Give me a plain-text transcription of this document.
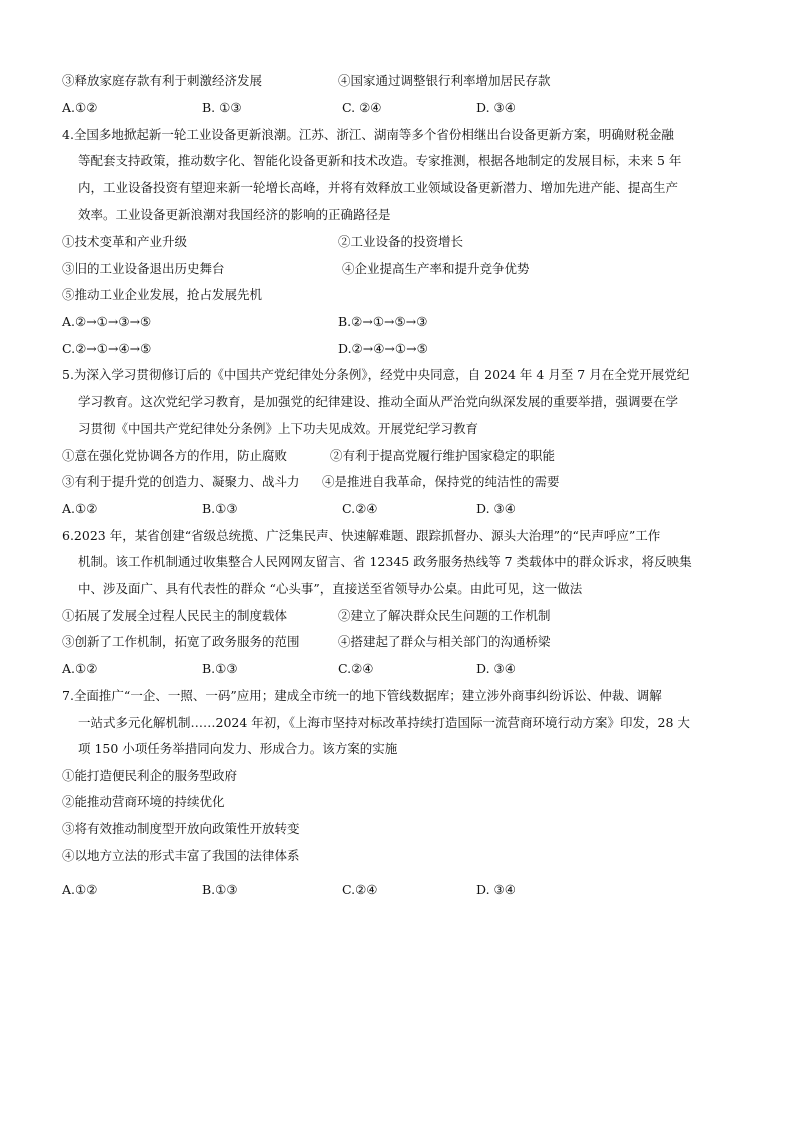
③释放家庭存款有利于刺激经济发展	④国家通过调整银行利率增加居民存款
A.①②	B. ①③	C. ②④	D. ③④
4.全国多地掀起新一轮工业设备更新浪潮。江苏、浙江、湖南等多个省份相继出台设备更新方案，明确财税金融
等配套支持政策，推动数字化、智能化设备更新和技术改造。专家推测，根据各地制定的发展目标，未来 5 年
内，工业设备投资有望迎来新一轮增长高峰，并将有效释放工业领域设备更新潜力、增加先进产能、提高生产
效率。工业设备更新浪潮对我国经济的影响的正确路径是
①技术变革和产业升级	②工业设备的投资增长
③旧的工业设备退出历史舞台	④企业提高生产率和提升竞争优势
⑤推动工业企业发展，抢占发展先机
A.②→①→③→⑤	B.②→①→⑤→③
C.②→①→④→⑤	D.②→④→①→⑤
5.为深入学习贯彻修订后的《中国共产党纪律处分条例》，经党中央同意，自 2024 年 4 月至 7 月在全党开展党纪
学习教育。这次党纪学习教育，是加强党的纪律建设、推动全面从严治党向纵深发展的重要举措，强调要在学
习贯彻《中国共产党纪律处分条例》上下功夫见成效。开展党纪学习教育
①意在强化党协调各方的作用，防止腐败	②有利于提高党履行维护国家稳定的职能
③有利于提升党的创造力、凝聚力、战斗力 ④是推进自我革命，保持党的纯洁性的需要
A.①②	B.①③	C.②④	D. ③④
6.2023 年，某省创建“省级总统揽、广泛集民声、快速解难题、跟踪抓督办、源头大治理”的“民声呼应”工作
机制。该工作机制通过收集整合人民网网友留言、省 12345 政务服务热线等 7 类载体中的群众诉求，将反映集
中、涉及面广、具有代表性的群众 “心头事”，直接送至省领导办公桌。由此可见，这一做法
①拓展了发展全过程人民民主的制度载体	②建立了解决群众民生问题的工作机制
③创新了工作机制，拓宽了政务服务的范围	④搭建起了群众与相关部门的沟通桥梁
A.①②	B.①③	C.②④	D. ③④
7.全面推广“一企、一照、一码”应用；建成全市统一的地下管线数据库；建立涉外商事纠纷诉讼、仲裁、调解
一站式多元化解机制……2024 年初，《上海市坚持对标改革持续打造国际一流营商环境行动方案》印发，28 大
项 150 小项任务举措同向发力、形成合力。该方案的实施
①能打造便民利企的服务型政府
②能推动营商环境的持续优化
③将有效推动制度型开放向政策性开放转变
④以地方立法的形式丰富了我国的法律体系
A.①②	B.①③	C.②④	D. ③④
